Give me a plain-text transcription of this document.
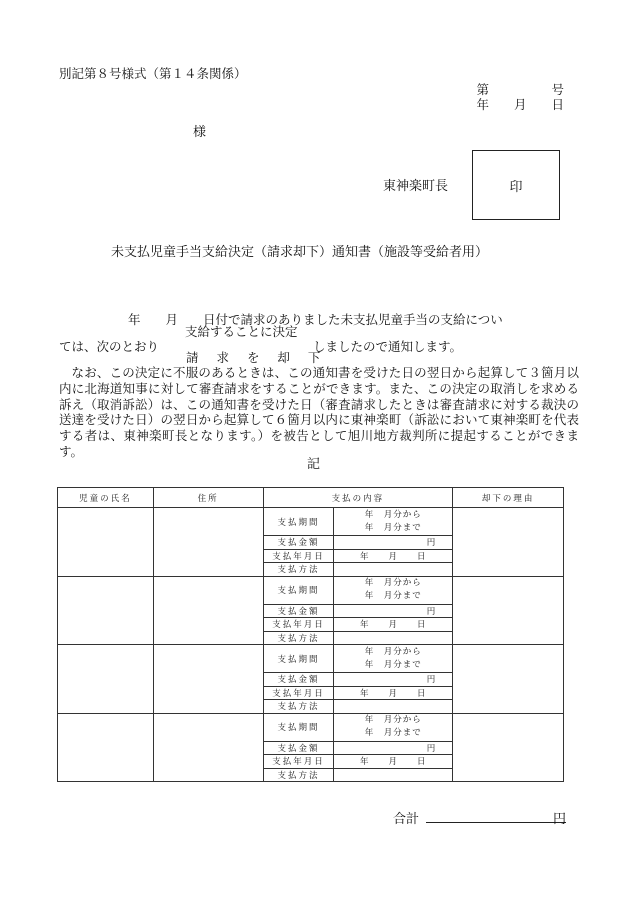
別記第８号様式（第１４条関係）
第　　　　　号
年　　月　　日
様
東神楽町長	印
未支払児童手当支給決定（請求却下）通知書（施設等受給者用）
年　　月　　日付で請求のありました未支払児童手当の支給につい
支給することに決定
ては、次のとおり	しましたので通知します。
請 求 を 却 下

なお、この決定に不服のあるときは、この通知書を受けた日の翌日から起算して３箇月以内に北海道知事に対して審査請求をすることができます。また、この決定の取消しを求める訴え（取消訴訟）は、この通知書を受けた日（審査請求したときは審査請求に対する裁決の送達を受けた日）の翌日から起算して６箇月以内に東神楽町（訴訟において東神楽町を代表する者は、東神楽町長となります。）を被告として旭川地方裁判所に提起することができます。

記
児童の氏名	住所	支払の内容		却下の理由
		支払期間	年　月分から
年　月分まで	

		支払金額	円	
		支払年月日	年　　月　　日	
		支払方法		
		支払期間	年　月分から
年　月分まで	

		支払金額	円	
		支払年月日	年　　月　　日	
		支払方法		
		支払期間	年　月分から
年　月分まで	

		支払金額	円	
		支払年月日	年　　月　　日	
		支払方法		
		支払期間	年　月分から
年　月分まで	

		支払金額	円	
		支払年月日	年　　月　　日	
		支払方法		
合計	円
